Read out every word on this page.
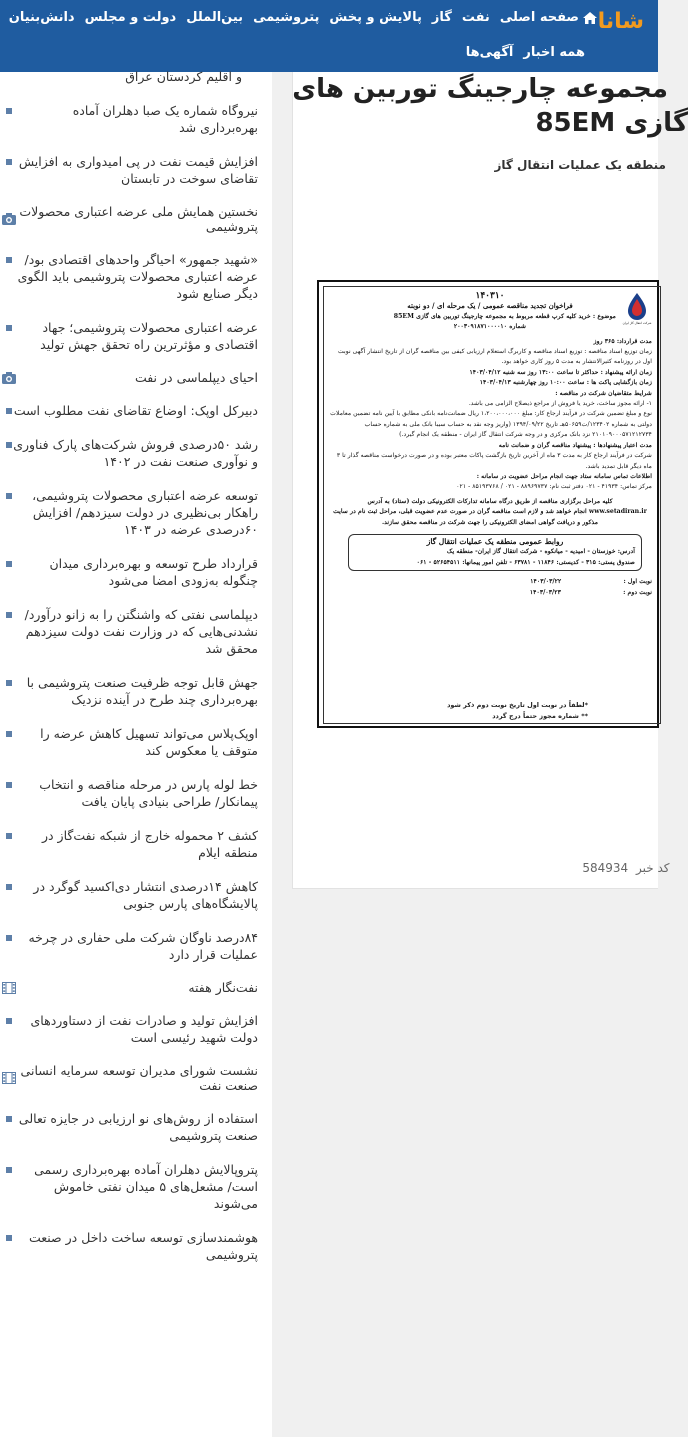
شانا
صفحه اصلی
نفت
گاز
پالایش و پخش
پتروشیمی
بین‌الملل
دولت و مجلس
دانش‌بنیان
همه اخبار
آگهی‌ها
و اقلیم کردستان عراق
نیروگاه شماره یک صبا دهلران آماده بهره‌برداری شد
افزایش قیمت نفت در پی امیدواری به افزایش تقاضای سوخت در تابستان
نخستین همایش ملی عرضه اعتباری محصولات پتروشیمی
«شهید جمهور» احیاگر واحدهای اقتصادی بود/ عرضه اعتباری محصولات پتروشیمی باید الگوی دیگر صنایع شود
عرضه اعتباری محصولات پتروشیمی؛ جهاد اقتصادی و مؤثرترین راه تحقق جهش تولید
احیای دیپلماسی در نفت
دبیرکل اوپک: اوضاع تقاضای نفت مطلوب است
رشد ۵۰درصدی فروش شرکت‌های پارک فناوری و نوآوری صنعت نفت در ۱۴۰۲
توسعه عرضه اعتباری محصولات پتروشیمی، راهکار بی‌نظیری در دولت سیزدهم/ افزایش ۶۰درصدی عرضه در ۱۴۰۳
قرارداد طرح توسعه و بهره‌برداری میدان چنگوله به‌زودی امضا می‌شود
دیپلماسی نفتی که واشنگتن را به زانو درآورد/ نشدنی‌هایی که در وزارت نفت دولت سیزدهم محقق شد
جهش قابل توجه ظرفیت صنعت پتروشیمی با بهره‌برداری چند طرح در آینده نزدیک
اوپک‌پلاس می‌تواند تسهیل کاهش عرضه را متوقف یا معکوس کند
خط لوله پارس در مرحله مناقصه و انتخاب پیمانکار/ طراحی بنیادی پایان یافت
کشف ۲ محموله خارج از شبکه نفت‌گاز در منطقه ایلام
کاهش ۱۴درصدی انتشار دی‌اکسید گوگرد در پالایشگاه‌های پارس جنوبی
۸۴درصد ناوگان شرکت ملی حفاری در چرخه عملیات قرار دارد
نفت‌نگار هفته
افزایش تولید و صادرات نفت از دستاوردهای دولت شهید رئیسی است
نشست شورای مدیران توسعه سرمایه انسانی صنعت نفت
استفاده از روش‌های نو ارزیابی در جایزه تعالی صنعت پتروشیمی
پتروپالایش دهلران آماده بهره‌برداری رسمی است/ مشعل‌های ۵ میدان نفتی خاموش می‌شوند
هوشمندسازی توسعه ساخت داخل در صنعت پتروشیمی
مجموعه چارجینگ توربین های
گازی 85EM
منطقه یک عملیات انتقال گاز
شرکت انتقال گاز ایران
۱۴۰۳۱۰
فراخوان تجدید مناقصه عمومی / یک مرحله ای / دو نوبته
موضوع : خرید کلیه کرپ قطعه مربوط به مجموعه چارجینگ توربین های گازی 85EM
شماره ۲۰۰۳۰۹۱۸۷۱۰۰۰۰۱۰
مدت قرارداد: ۳۶۵ روز
زمان توزیع اسناد مناقصه : توزیع اسناد مناقصه و کاربرگ استعلام ارزیابی کیفی بین مناقصه گران از تاریخ انتشار آگهی نوبت اول در روزنامه کثیرالانتشار به مدت ۵ روز کاری خواهد بود.
زمان ارائه پیشنهاد : حداکثر تا ساعت ۱۳:۰۰ روز سه شنبه ۱۴۰۳/۰۴/۱۲
زمان بازگشایی پاکت ها : ساعت ۱۰:۰۰ روز چهارشنبه ۱۴۰۳/۰۴/۱۳
شرایط متقاضیان شرکت در مناقصه :
۱- ارائه مجوز ساخت، خرید یا فروش از مراجع ذیصلاح الزامی می باشد.
نوع و مبلغ تضمین شرکت در فرآیند ارجاع کار: مبلغ ۱،۲۰۰،۰۰۰،۰۰۰ ریال ضمانت‌نامه بانکی مطابق با آیین نامه تضمین معاملات دولتی به شماره ۱۲۳۴۰۲/ت۵۰۶۵۹هـ تاریخ ۱۳۹۴/۰۹/۲۲ (واریز وجه نقد به حساب سیبا بانک ملی به شماره حساب ۲۱۰۱۰۹۰۰۰۵۷۱۲۱۲۷۳۴ نزد بانک مرکزی و در وجه شرکت انتقال گاز ایران - منطقه یک انجام گیرد.)
مدت اعتبار پیشنهادها : پیشنهاد مناقصه گران و ضمانت نامه
شرکت در فرآیند ارجاع کار به مدت ۳ ماه از آخرین تاریخ بازگشت پاکات معتبر بوده و در صورت درخواست مناقصه گذار تا ۳ ماه دیگر قابل تمدید باشد.
اطلاعات تماس سامانه ستاد جهت انجام مراحل عضویت در سامانه :
مرکز تماس: ۴۱۹۳۴ - ۰۲۱ دفتر ثبت نام: ۸۸۹۶۹۷۳۷ - ۰۲۱ / ۸۵۱۹۳۷۶۸ - ۰۲۱
کلیه مراحل برگزاری مناقصه از طریق درگاه سامانه تدارکات الکترونیکی دولت (ستاد) به آدرس
www.setadiran.ir انجام خواهد شد و لازم است مناقصه گران در صورت عدم عضویت قبلی، مراحل ثبت نام در سایت
مذکور و دریافت گواهی امضای الکترونیکی را جهت شرکت در مناقصه محقق سازند.
روابط عمومی منطقه یک عملیات انتقال گاز
آدرس: خوزستان - امیدیه - میانکوه - شرکت انتقال گاز ایران- منطقه یک
صندوق پستی: ۳۱۵ - کدپستی: ۱۱۸۴۶ - ۶۳۷۸۱ - تلفن امور پیمانها: ۵۲۶۵۴۵۱۱ - ۰۶۱
نوبت اول : ۱۴۰۳/۰۳/۲۲
نوبت دوم : ۱۴۰۳/۰۳/۲۳
*لطفاً در نوبت اول تاریخ نوبت دوم ذکر شود
** شماره مجوز حتماً درج گردد
کد خبر 584934
